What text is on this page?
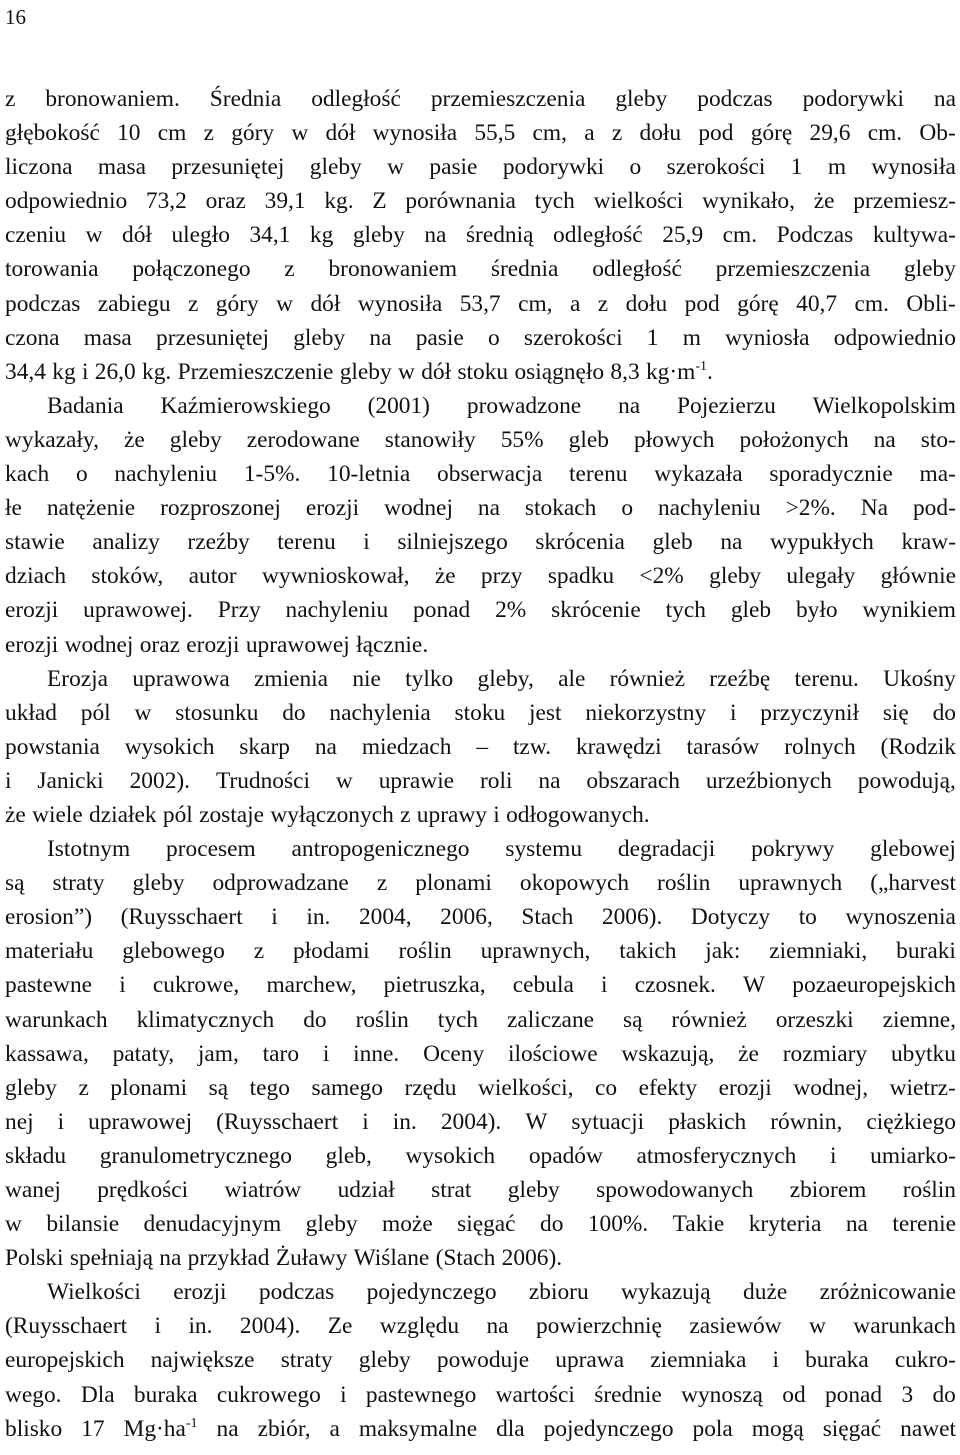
16
z bronowaniem. Średnia odległość przemieszczenia gleby podczas podorywki na
głębokość 10 cm z góry w dół wynosiła 55,5 cm, a z dołu pod górę 29,6 cm. Ob-
liczona masa przesuniętej gleby w pasie podorywki o szerokości 1 m wynosiła
odpowiednio 73,2 oraz 39,1 kg. Z porównania tych wielkości wynikało, że przemiesz-
czeniu w dół uległo 34,1 kg gleby na średnią odległość 25,9 cm. Podczas kultywa-
torowania połączonego z bronowaniem średnia odległość przemieszczenia gleby
podczas zabiegu z góry w dół wynosiła 53,7 cm, a z dołu pod górę 40,7 cm. Obli-
czona masa przesuniętej gleby na pasie o szerokości 1 m wyniosła odpowiednio
34,4 kg i 26,0 kg. Przemieszczenie gleby w dół stoku osiągnęło 8,3 $kg\cdot m^{-1}$.
Badania Kaźmierowskiego (2001) prowadzone na Pojezierzu Wielkopolskim
wykazały, że gleby zerodowane stanowiły 55% gleb płowych położonych na sto-
kach o nachyleniu 1-5%. 10-letnia obserwacja terenu wykazała sporadycznie ma-
łe natężenie rozproszonej erozji wodnej na stokach o nachyleniu >2%. Na pod-
stawie analizy rzeźby terenu i silniejszego skrócenia gleb na wypukłych kraw-
dziach stoków, autor wywnioskował, że przy spadku <2% gleby ulegały głównie
erozji uprawowej. Przy nachyleniu ponad 2% skrócenie tych gleb było wynikiem
erozji wodnej oraz erozji uprawowej łącznie.
Erozja uprawowa zmienia nie tylko gleby, ale również rzeźbę terenu. Ukośny
układ pól w stosunku do nachylenia stoku jest niekorzystny i przyczynił się do
powstania wysokich skarp na miedzach – tzw. krawędzi tarasów rolnych (Rodzik
i Janicki 2002). Trudności w uprawie roli na obszarach urzeźbionych powodują,
że wiele działek pól zostaje wyłączonych z uprawy i odłogowanych.
Istotnym procesem antropogenicznego systemu degradacji pokrywy glebowej
są straty gleby odprowadzane z plonami okopowych roślin uprawnych („harvest
erosion”) (Ruysschaert i in. 2004, 2006, Stach 2006). Dotyczy to wynoszenia
materiału glebowego z płodami roślin uprawnych, takich jak: ziemniaki, buraki
pastewne i cukrowe, marchew, pietruszka, cebula i czosnek. W pozaeuropejskich
warunkach klimatycznych do roślin tych zaliczane są również orzeszki ziemne,
kassawa, pataty, jam, taro i inne. Oceny ilościowe wskazują, że rozmiary ubytku
gleby z plonami są tego samego rzędu wielkości, co efekty erozji wodnej, wietrz-
nej i uprawowej (Ruysschaert i in. 2004). W sytuacji płaskich równin, ciężkiego
składu granulometrycznego gleb, wysokich opadów atmosferycznych i umiarko-
wanej prędkości wiatrów udział strat gleby spowodowanych zbiorem roślin
w bilansie denudacyjnym gleby może sięgać do 100%. Takie kryteria na terenie
Polski spełniają na przykład Żuławy Wiślane (Stach 2006).
Wielkości erozji podczas pojedynczego zbioru wykazują duże zróżnicowanie
(Ruysschaert i in. 2004). Ze względu na powierzchnię zasiewów w warunkach
europejskich największe straty gleby powoduje uprawa ziemniaka i buraka cukro-
wego. Dla buraka cukrowego i pastewnego wartości średnie wynoszą od ponad 3 do
blisko 17 $Mg\cdot ha^{-1}$ na zbiór, a maksymalne dla pojedynczego pola mogą sięgać nawet
